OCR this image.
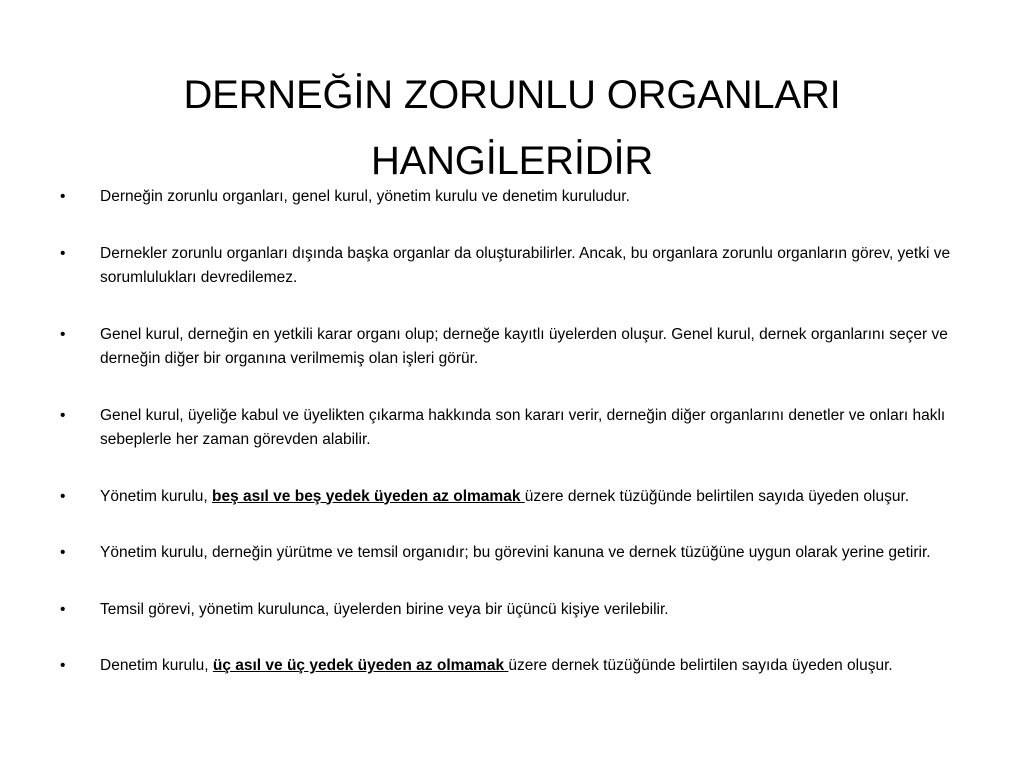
DERNEĞİN ZORUNLU ORGANLARI HANGİLERİDİR
• Derneğin zorunlu organları, genel kurul, yönetim kurulu ve denetim kuruludur.
• Dernekler zorunlu organları dışında başka organlar da oluşturabilirler. Ancak, bu organlara zorunlu organların görev, yetki ve sorumlulukları devredilemez.
• Genel kurul, derneğin en yetkili karar organı olup; derneğe kayıtlı üyelerden oluşur. Genel kurul, dernek organlarını seçer ve derneğin diğer bir organına verilmemiş olan işleri görür.
• Genel kurul, üyeliğe kabul ve üyelikten çıkarma hakkında son kararı verir, derneğin diğer organlarını denetler ve onları haklı sebeplerle her zaman görevden alabilir.
• Yönetim kurulu, beş asıl ve beş yedek üyeden az olmamak üzere dernek tüzüğünde belirtilen sayıda üyeden oluşur.
• Yönetim kurulu, derneğin yürütme ve temsil organıdır; bu görevini kanuna ve dernek tüzüğüne uygun olarak yerine getirir.
• Temsil görevi, yönetim kurulunca, üyelerden birine veya bir üçüncü kişiye verilebilir.
• Denetim kurulu, üç asıl ve üç yedek üyeden az olmamak üzere dernek tüzüğünde belirtilen sayıda üyeden oluşur.
